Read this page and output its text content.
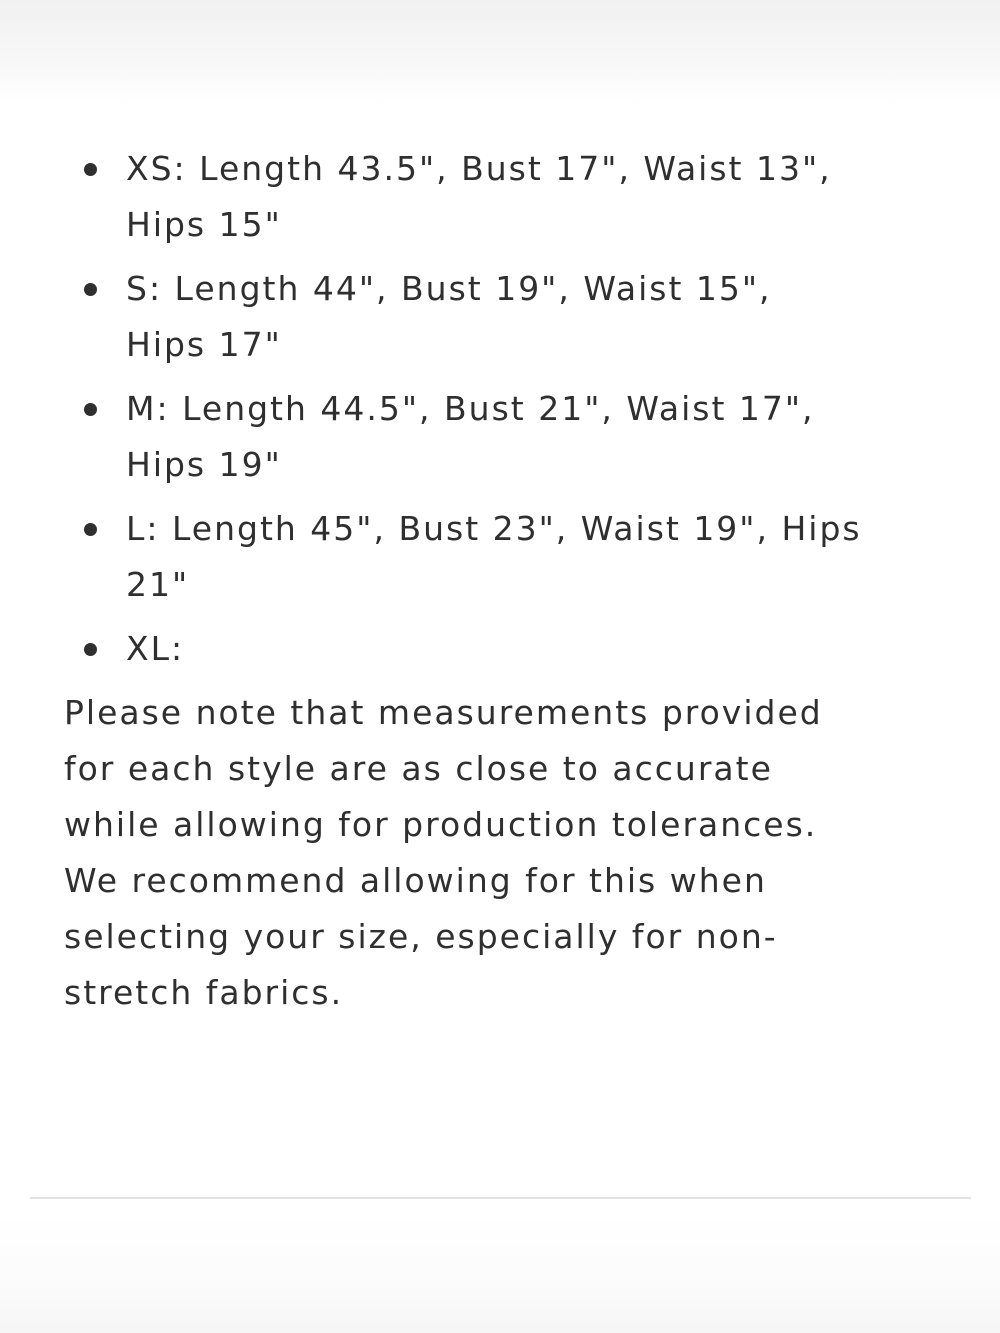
XS: Length 43.5", Bust 17", Waist 13", Hips 15"
S: Length 44", Bust 19", Waist 15", Hips 17"
M: Length 44.5", Bust 21", Waist 17", Hips 19"
L: Length 45", Bust 23", Waist 19", Hips 21"
XL:

Please note that measurements provided for each style are as close to accurate while allowing for production tolerances. We recommend allowing for this when selecting your size, especially for non-stretch fabrics.
